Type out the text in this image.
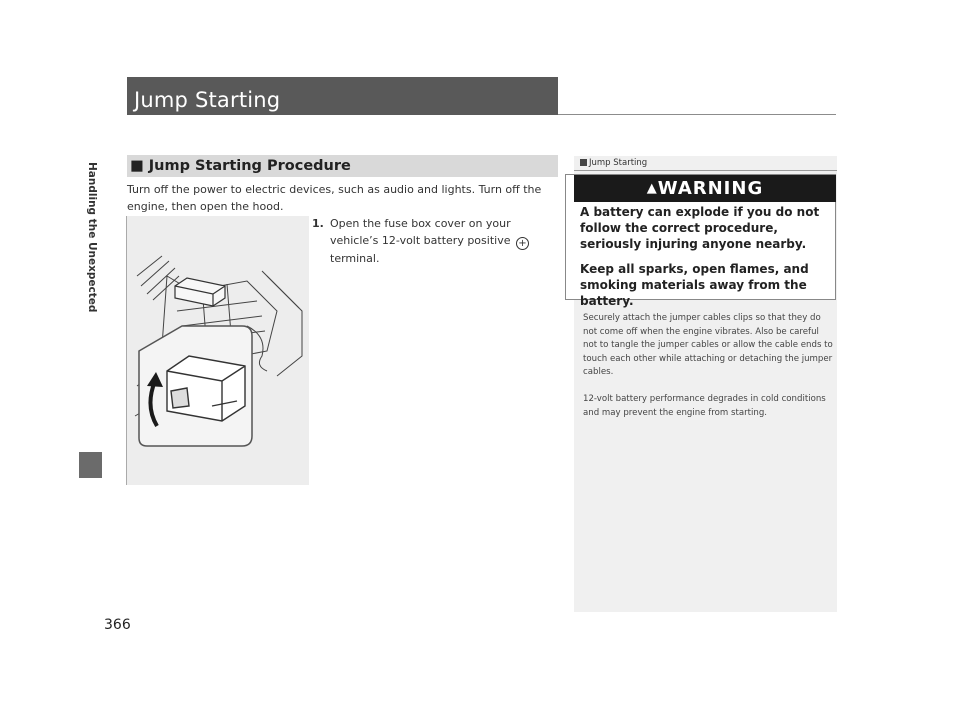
Jump Starting
Handling the Unexpected ■ Jump Starting Procedure
Turn off the power to electric devices, such as audio and lights. Turn off the engine, then open the hood.
1. Open the fuse box cover on your vehicle’s 12-volt battery positive + terminal.
Jump Starting
▲WARNING
A battery can explode if you do not follow the correct procedure, seriously injuring anyone nearby.
Keep all sparks, open flames, and smoking materials away from the battery.
Securely attach the jumper cables clips so that they do not come off when the engine vibrates. Also be careful not to tangle the jumper cables or allow the cable ends to touch each other while attaching or detaching the jumper cables.
12-volt battery performance degrades in cold conditions and may prevent the engine from starting.
366
